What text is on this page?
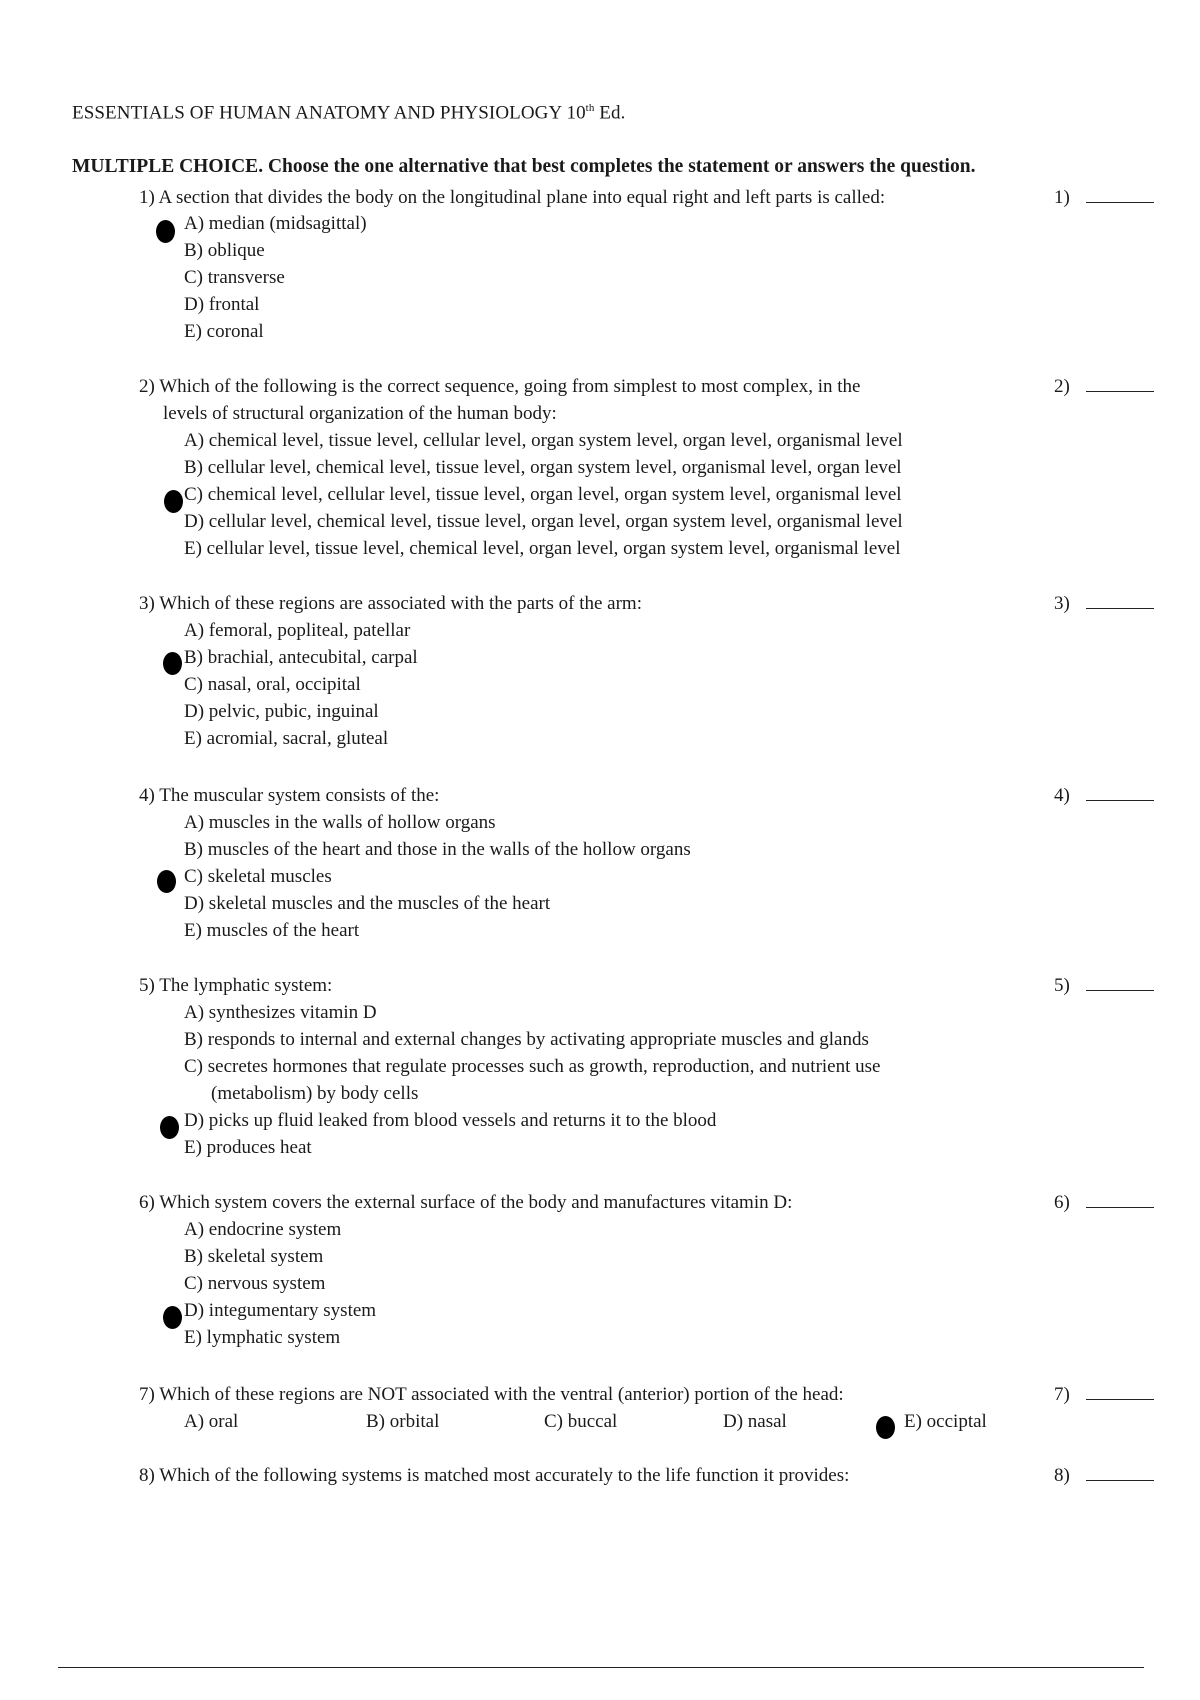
ESSENTIALS OF HUMAN ANATOMY AND PHYSIOLOGY 10th Ed.
MULTIPLE CHOICE. Choose the one alternative that best completes the statement or answers the question.
1) A section that divides the body on the longitudinal plane into equal right and left parts is called:	1)
A) median (midsagittal)
B) oblique
C) transverse
D) frontal
E) coronal
2) Which of the following is the correct sequence, going from simplest to most complex, in the
levels of structural organization of the human body:
2)
A) chemical level, tissue level, cellular level, organ system level, organ level, organismal level
B) cellular level, chemical level, tissue level, organ system level, organismal level, organ level
C) chemical level, cellular level, tissue level, organ level, organ system level, organismal level
D) cellular level, chemical level, tissue level, organ level, organ system level, organismal level
E) cellular level, tissue level, chemical level, organ level, organ system level, organismal level
3) Which of these regions are associated with the parts of the arm:	3)
A) femoral, popliteal, patellar
B) brachial, antecubital, carpal
C) nasal, oral, occipital
D) pelvic, pubic, inguinal
E) acromial, sacral, gluteal
4) The muscular system consists of the:	4)
A) muscles in the walls of hollow organs
B) muscles of the heart and those in the walls of the hollow organs
C) skeletal muscles
D) skeletal muscles and the muscles of the heart
E) muscles of the heart
5) The lymphatic system:	5)
A) synthesizes vitamin D
B) responds to internal and external changes by activating appropriate muscles and glands
C) secretes hormones that regulate processes such as growth, reproduction, and nutrient use
(metabolism) by body cells
D) picks up fluid leaked from blood vessels and returns it to the blood
E) produces heat
6) Which system covers the external surface of the body and manufactures vitamin D:	6)
A) endocrine system
B) skeletal system
C) nervous system
D) integumentary system
E) lymphatic system
7) Which of these regions are NOT associated with the ventral (anterior) portion of the head:	7)
A) oral	B) orbital	C) buccal	D) nasal	E) occiptal
8) Which of the following systems is matched most accurately to the life function it provides:	8)
